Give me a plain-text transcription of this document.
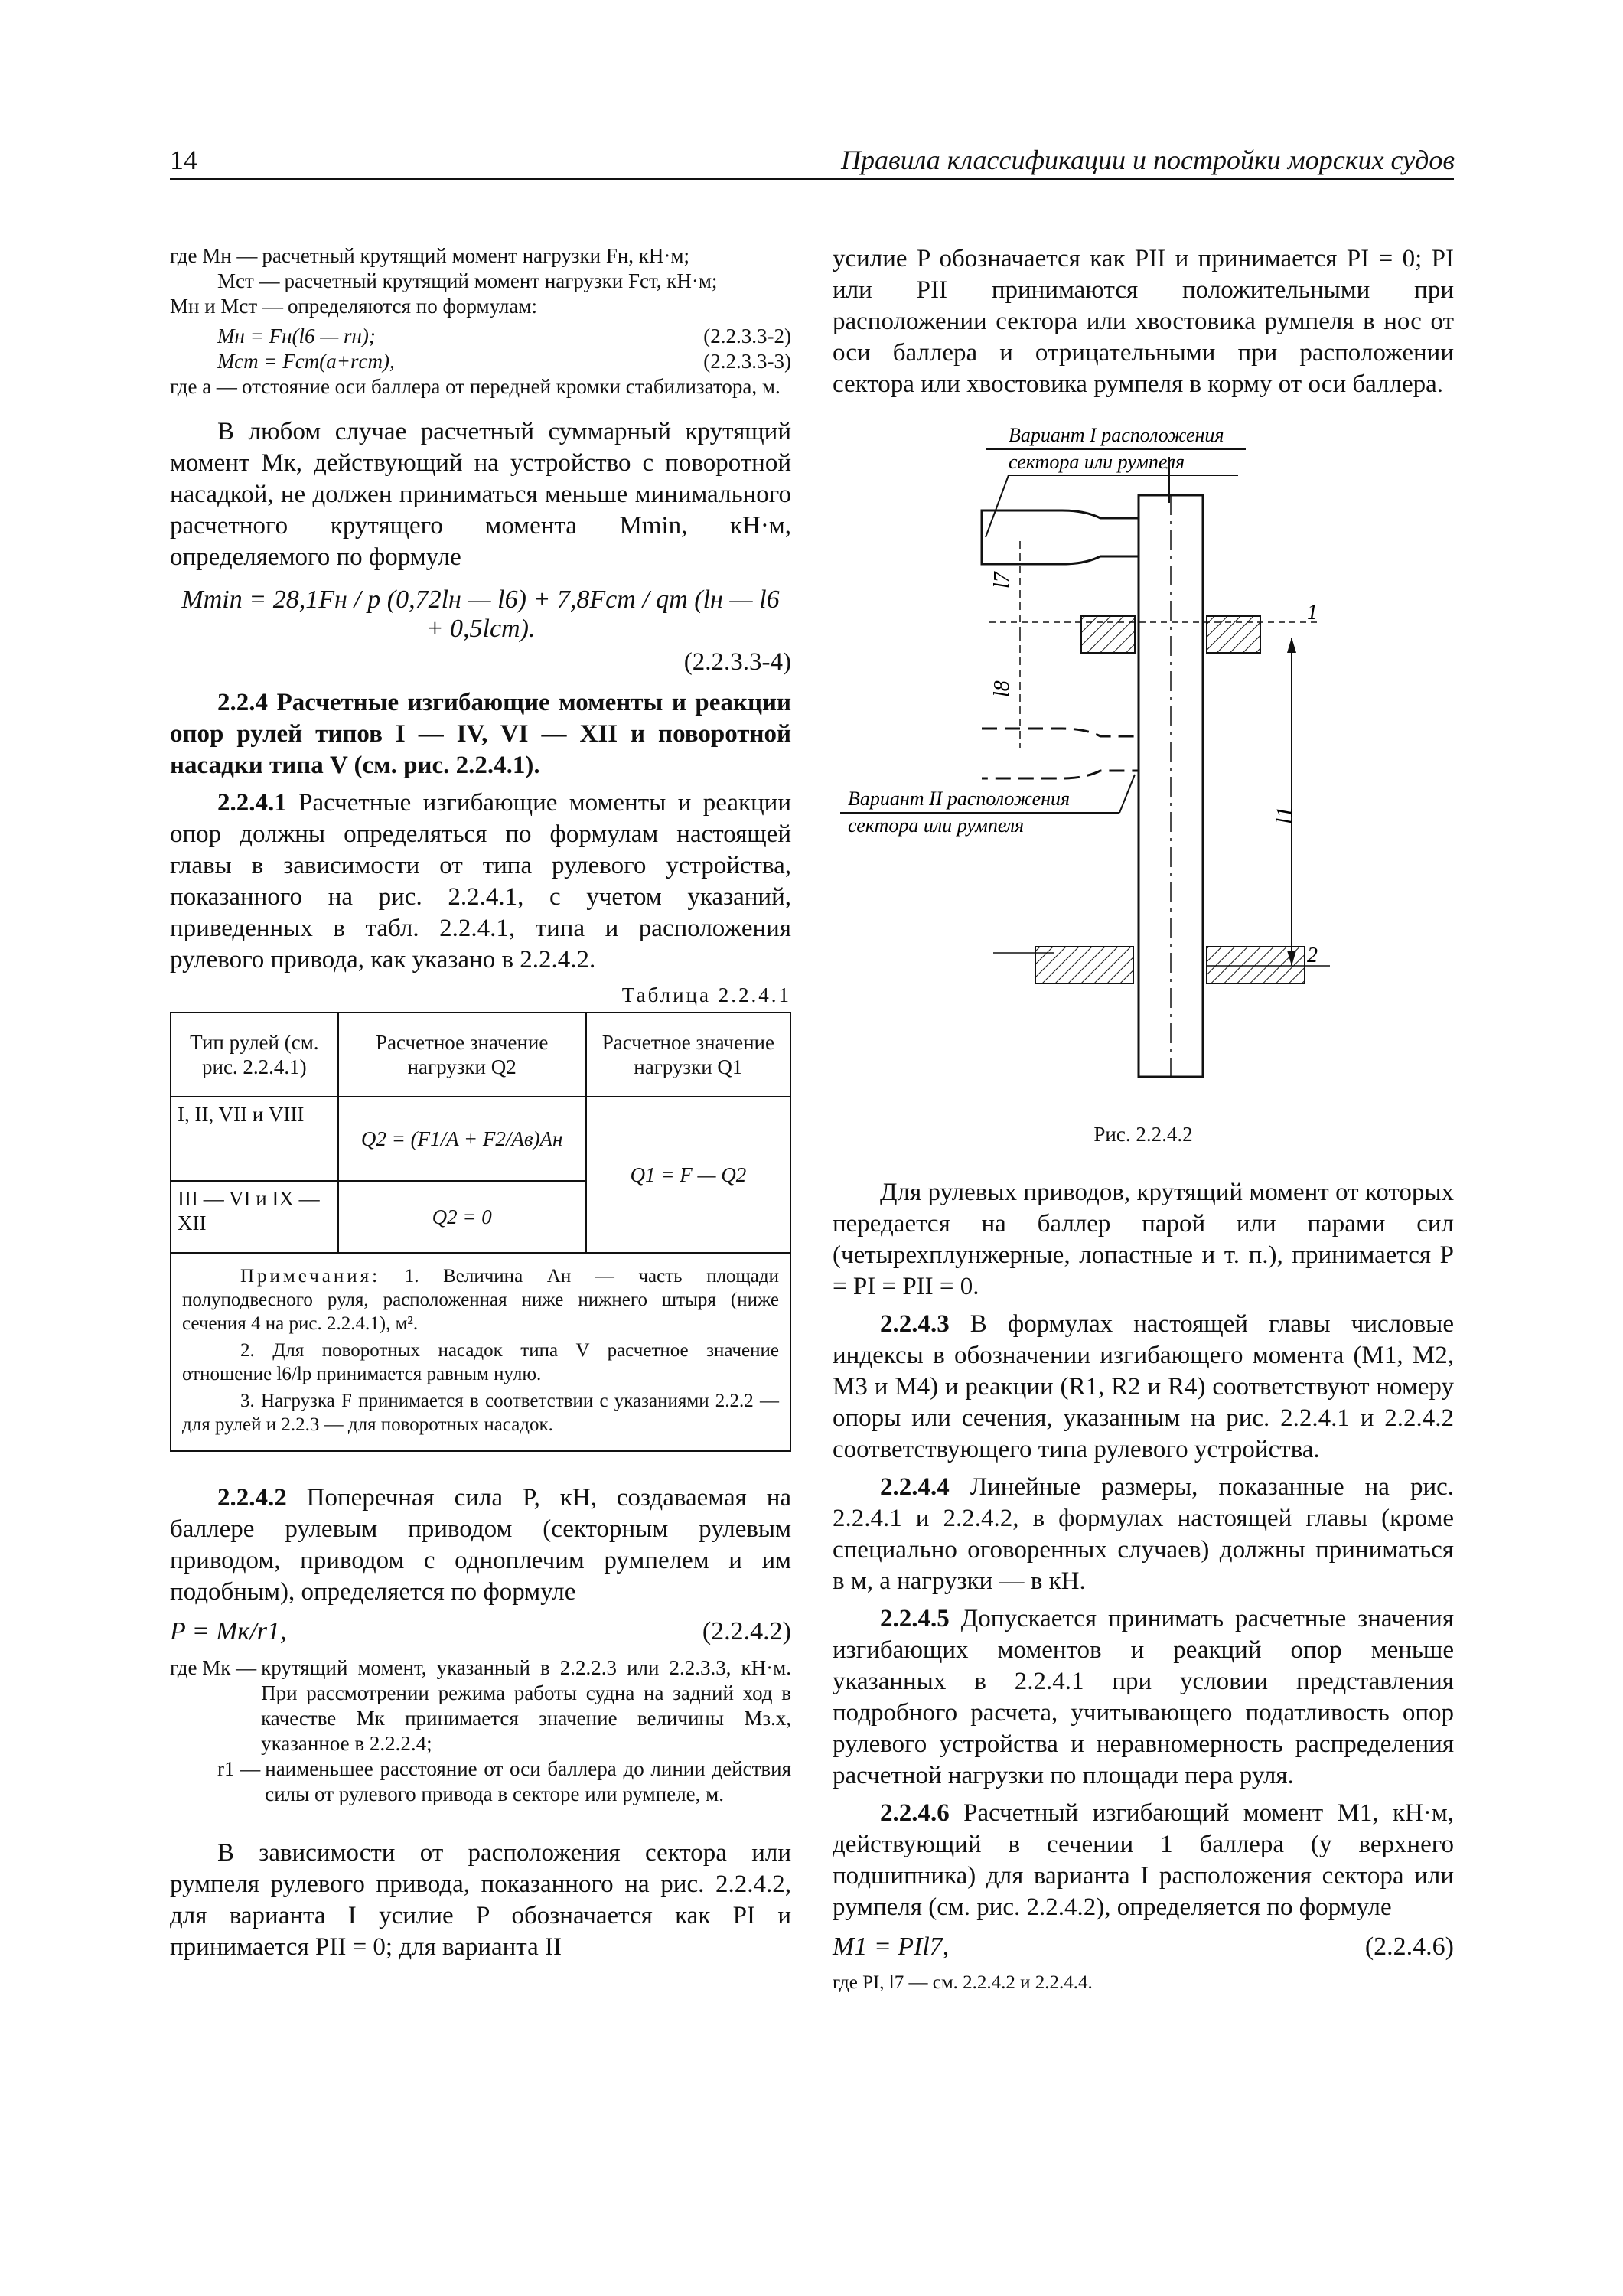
14	Правила классификации и постройки морских судов
где Мн — расчетный крутящий момент нагрузки Fн, кН·м;
Мст — расчетный крутящий момент нагрузки Fст, кН·м;
Мн и Мст — определяются по формулам:
Мн = Fн(l6 — rн);	(2.2.3.3-2)
Мст = Fст(a+rст),	(2.2.3.3-3)
где а — отстояние оси баллера от передней кромки стабилизатора, м.

В любом случае расчетный суммарный крутящий момент Мк, действующий на устройство с поворотной насадкой, не должен приниматься меньше минимального расчетного крутящего момента Mmin, кН·м, определяемого по формуле

Mmin = 28,1Fн / p (0,72lн — l6) + 7,8Fст / qm (lн — l6 + 0,5lст).
(2.2.3.3-4)

2.2.4 Расчетные изгибающие моменты и реакции опор рулей типов I — IV, VI — XII и поворотной насадки типа V (см. рис. 2.2.4.1).

2.2.4.1 Расчетные изгибающие моменты и реакции опор должны определяться по формулам настоящей главы в зависимости от типа рулевого устройства, показанного на рис. 2.2.4.1, с учетом указаний, приведенных в табл. 2.2.4.1, типа и расположения рулевого привода, как указано в 2.2.4.2.

Таблица 2.2.4.1
Тип рулей (см. рис. 2.2.4.1)	Расчетное значение нагрузки Q2	Расчетное значение нагрузки Q1
I, II, VII и VIII	Q2 = (F1/A + F2/Aв)Aн	Q1 = F — Q2
III — VI и IX — XII	Q2 = 0	

Примечания: 1. Величина Ан — часть площади полуподвесного руля, расположенная ниже нижнего штыря (ниже сечения 4 на рис. 2.2.4.1), м².

2. Для поворотных насадок типа V расчетное значение отношение l6/lp принимается равным нулю.

3. Нагрузка F принимается в соответствии с указаниями 2.2.2 — для рулей и 2.2.3 — для поворотных насадок.		

2.2.4.2 Поперечная сила P, кН, создаваемая на баллере рулевым приводом (секторным рулевым приводом, приводом с одноплечим румпелем и им подобным), определяется по формуле

P = Mк/r1,	(2.2.4.2)
где Мк — крутящий момент, указанный в 2.2.2.3 или 2.2.3.3, кН·м. При рассмотрении режима работы судна на задний ход в качестве Мк принимается значение величины Мз.х, указанное в 2.2.2.4;
r1 — наименьшее расстояние от оси баллера до линии действия силы от рулевого привода в секторе или румпеле, м.

В зависимости от расположения сектора или румпеля рулевого привода, показанного на рис. 2.2.4.2, для варианта I усилие P обозначается как PI и принимается PII = 0; для варианта II

усилие P обозначается как PII и принимается PI = 0; PI или PII принимаются положительными при расположении сектора или хвостовика румпеля в нос от оси баллера и отрицательными при расположении сектора или хвостовика румпеля в корму от оси баллера.

Вариант I расположения
сектора или румпеля
1
l7
l8
Вариант II расположения
сектора или румпеля
2
l1
Рис. 2.2.4.2

Для рулевых приводов, крутящий момент от которых передается на баллер парой или парами сил (четырехплунжерные, лопастные и т. п.), принимается P = PI = PII = 0.

2.2.4.3 В формулах настоящей главы числовые индексы в обозначении изгибающего момента (M1, M2, M3 и M4) и реакции (R1, R2 и R4) соответствуют номеру опоры или сечения, указанным на рис. 2.2.4.1 и 2.2.4.2 соответствующего типа рулевого устройства.

2.2.4.4 Линейные размеры, показанные на рис. 2.2.4.1 и 2.2.4.2, в формулах настоящей главы (кроме специально оговоренных случаев) должны приниматься в м, а нагрузки — в кН.

2.2.4.5 Допускается принимать расчетные значения изгибающих моментов и реакций опор меньше указанных в 2.2.4.1 при условии представления подробного расчета, учитывающего податливость опор рулевого устройства и неравномерность распределения расчетной нагрузки по площади пера руля.

2.2.4.6 Расчетный изгибающий момент M1, кН·м, действующий в сечении 1 баллера (у верхнего подшипника) для варианта I расположения сектора или румпеля (см. рис. 2.2.4.2), определяется по формуле

M1 = PIl7,	(2.2.4.6)
где PI, l7 — см. 2.2.4.2 и 2.2.4.4.
